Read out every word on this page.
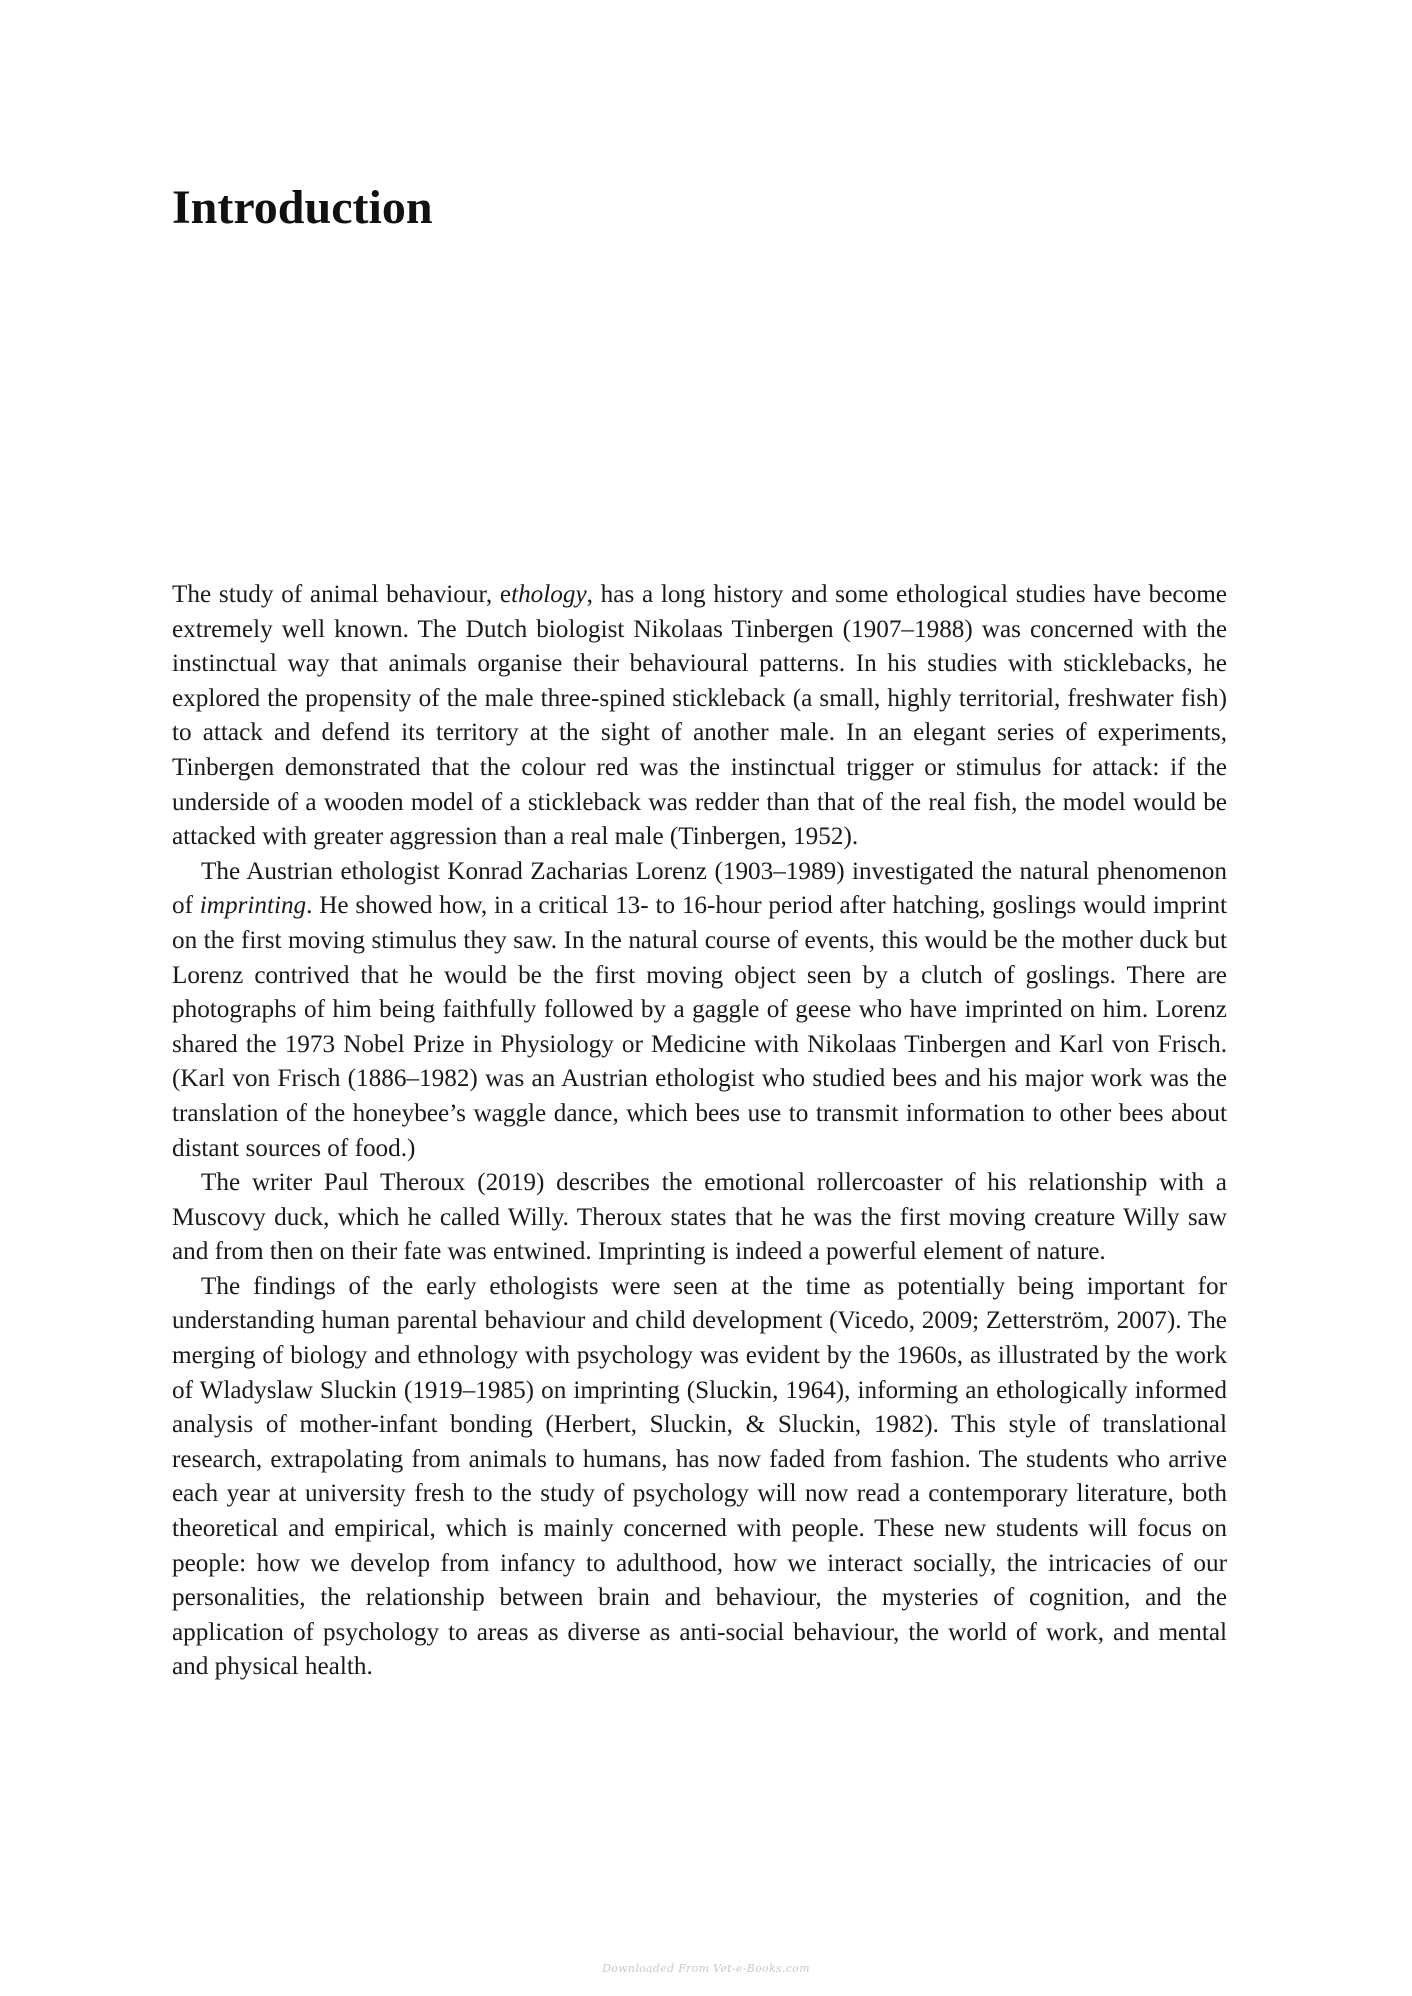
Introduction

The study of animal behaviour, ethology, has a long history and some ethological studies have become extremely well known. The Dutch biologist Nikolaas Tinbergen (1907–1988) was concerned with the instinctual way that animals organise their behavioural patterns. In his studies with sticklebacks, he explored the propensity of the male three-spined stickleback (a small, highly territorial, freshwater fish) to attack and defend its territory at the sight of another male. In an elegant series of experiments, Tinbergen demonstrated that the colour red was the instinctual trigger or stimulus for attack: if the underside of a wooden model of a stickleback was redder than that of the real fish, the model would be attacked with greater aggression than a real male (Tinbergen, 1952).

The Austrian ethologist Konrad Zacharias Lorenz (1903–1989) investigated the natural phenomenon of imprinting. He showed how, in a critical 13- to 16-hour period after hatching, goslings would imprint on the first moving stimulus they saw. In the natural course of events, this would be the mother duck but Lorenz contrived that he would be the first moving object seen by a clutch of goslings. There are photographs of him being faithfully followed by a gaggle of geese who have imprinted on him. Lorenz shared the 1973 Nobel Prize in Physiology or Medicine with Nikolaas Tinbergen and Karl von Frisch. (Karl von Frisch (1886–1982) was an Austrian ethologist who studied bees and his major work was the translation of the honeybee’s waggle dance, which bees use to transmit information to other bees about distant sources of food.)

The writer Paul Theroux (2019) describes the emotional rollercoaster of his relationship with a Muscovy duck, which he called Willy. Theroux states that he was the first moving creature Willy saw and from then on their fate was entwined. Imprinting is indeed a powerful element of nature.

The findings of the early ethologists were seen at the time as potentially being important for understanding human parental behaviour and child development (Vicedo, 2009; Zetterström, 2007). The merging of biology and ethnology with psychology was evident by the 1960s, as illustrated by the work of Wladyslaw Sluckin (1919–1985) on imprinting (Sluckin, 1964), informing an ethologically informed analysis of mother-infant bonding (Herbert, Sluckin, & Sluckin, 1982). This style of translational research, extrapolating from animals to humans, has now faded from fashion. The students who arrive each year at university fresh to the study of psychology will now read a contemporary literature, both theoretical and empirical, which is mainly concerned with people. These new students will focus on people: how we develop from infancy to adulthood, how we interact socially, the intricacies of our personalities, the relationship between brain and behaviour, the mysteries of cognition, and the application of psychology to areas as diverse as anti-social behaviour, the world of work, and mental and physical health.

Downloaded From Vet-e-Books.com
